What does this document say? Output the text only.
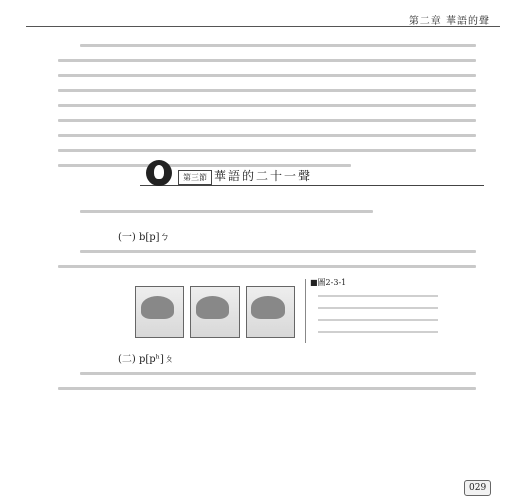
第二章 華語的聲
第三節 華語的二十一聲
(一) b[p]ㄅ
■圖2-3-1
(二) p[pʰ]ㄆ
029
